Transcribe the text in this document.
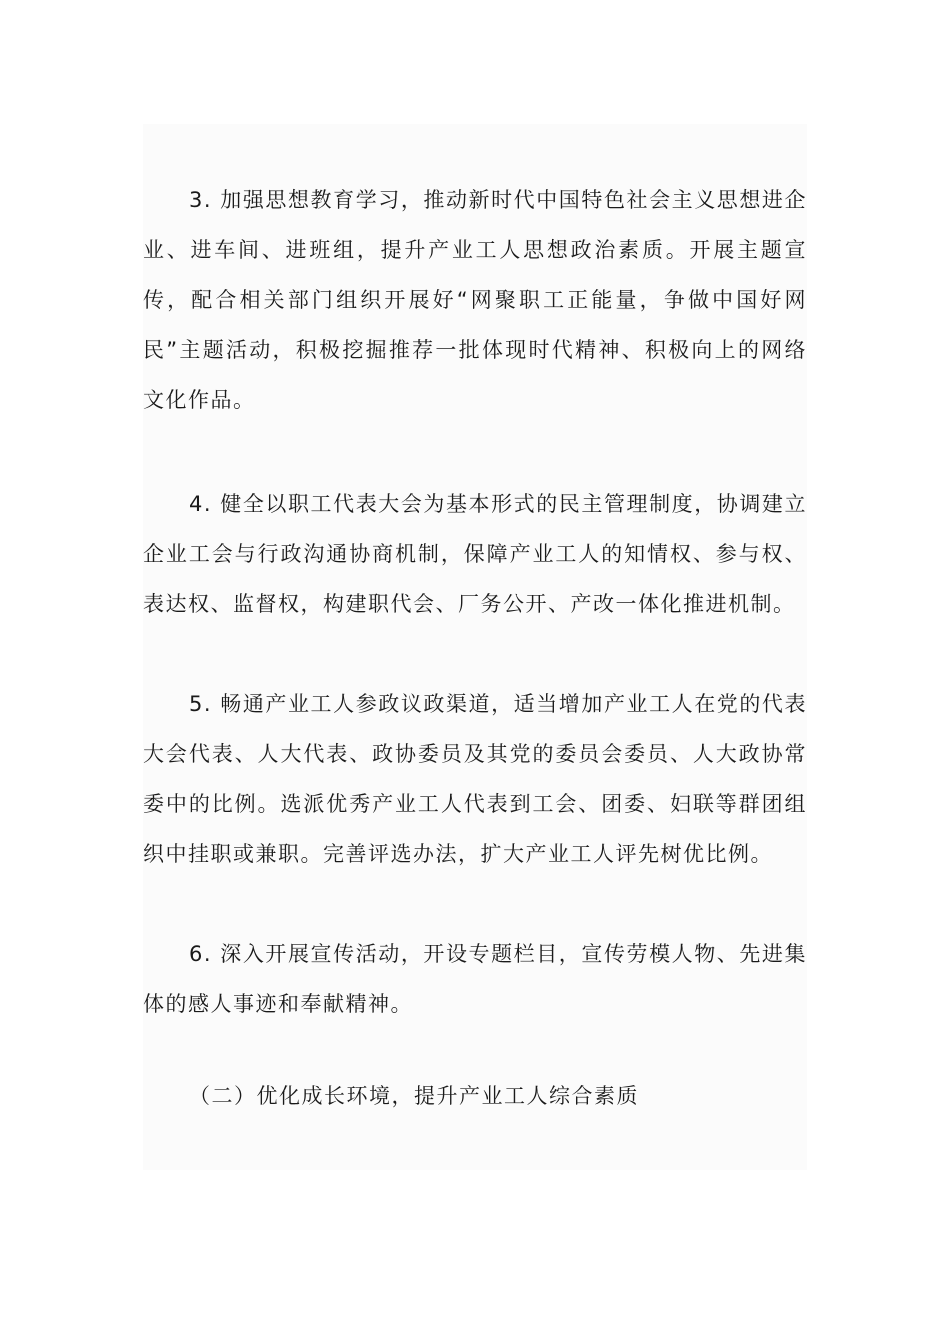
3. 加强思想教育学习，推动新时代中国特色社会主义思想进企业、进车间、进班组，提升产业工人思想政治素质。开展主题宣传，配合相关部门组织开展好“网聚职工正能量，争做中国好网民”主题活动，积极挖掘推荐一批体现时代精神、积极向上的网络文化作品。

4. 健全以职工代表大会为基本形式的民主管理制度，协调建立企业工会与行政沟通协商机制，保障产业工人的知情权、参与权、表达权、监督权，构建职代会、厂务公开、产改一体化推进机制。

5. 畅通产业工人参政议政渠道，适当增加产业工人在党的代表大会代表、人大代表、政协委员及其党的委员会委员、人大政协常委中的比例。选派优秀产业工人代表到工会、团委、妇联等群团组织中挂职或兼职。完善评选办法，扩大产业工人评先树优比例。

6. 深入开展宣传活动，开设专题栏目，宣传劳模人物、先进集体的感人事迹和奉献精神。

（二）优化成长环境，提升产业工人综合素质
